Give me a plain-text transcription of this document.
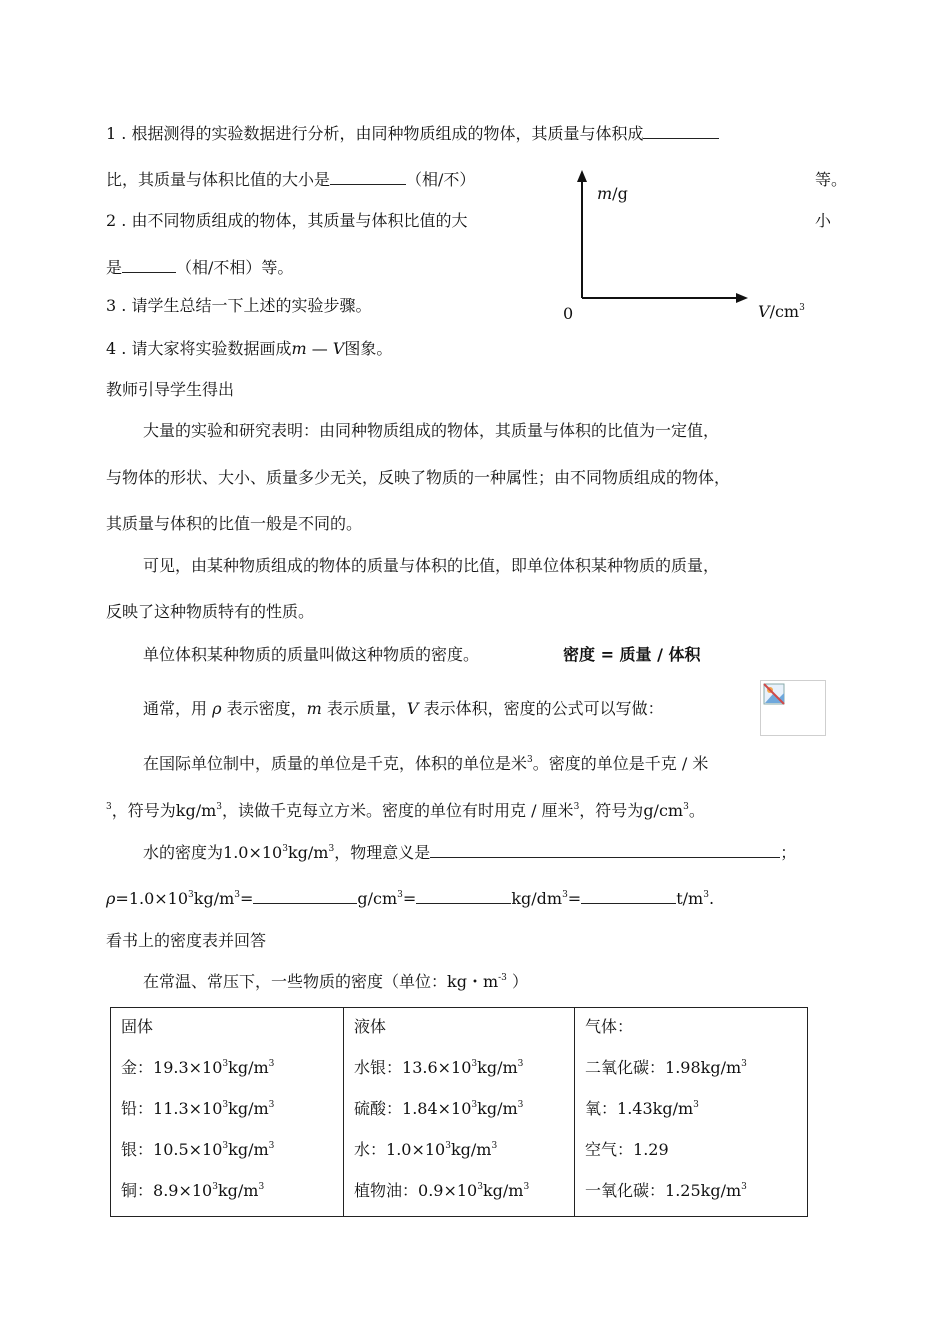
1 . 根据测得的实验数据进行分析，由同种物质组成的物体，其质量与体积成
比，其质量与体积比值的大小是	（相/不）	等。
2 . 由不同物质组成的物体，其质量与体积比值的大	小
是	（相/不相）等。
3 . 请学生总结一下上述的实验步骤。
4 . 请大家将实验数据画成m — V图象。
m/g
$V/cm^3$
0
教师引导学生得出
大量的实验和研究表明：由同种物质组成的物体，其质量与体积的比值为一定值，
与物体的形状、大小、质量多少无关，反映了物质的一种属性；由不同物质组成的物体，
其质量与体积的比值一般是不同的。
可见，由某种物质组成的物体的质量与体积的比值，即单位体积某种物质的质量，
反映了这种物质特有的性质。
单位体积某种物质的质量叫做这种物质的密度。	密度 = 质量 / 体积
通常，用 ρ 表示密度，m 表示质量，V 表示体积，密度的公式可以写做：
在国际单位制中，质量的单位是千克，体积的单位是米$^3$。密度的单位是千克 / 米
$^3$，符号为$kg/m^3$，读做千克每立方米。密度的单位有时用克 / 厘米$^3$，符号为$g/cm^3$。
水的密度为$1.0\times 10^3kg/m^3$，物理意义是	；
$\rho=1.0\times 10^3kg/m^3=$	$g/cm^3=$	$kg/dm^3=$	$t/m^3$.
看书上的密度表并回答
在常温、常压下，一些物质的密度（单位：kg・$m^{-3}$ ）
固体
金：$19.3\times 10^3kg/m^3$
铅：$11.3\times 10^3kg/m^3$
银：$10.5\times 10^3kg/m^3$
铜：$8.9\times 10^3kg/m^3$

液体
水银：$13.6\times 10^3kg/m^3$
硫酸：$1.84\times 10^3kg/m^3$
水：$1.0\times 10^3kg/m^3$
植物油：$0.9\times 10^3kg/m^3$

气体：
二氧化碳：$1.98kg/m^3$
氧：$1.43kg/m^3$
空气：1.29
一氧化碳：$1.25kg/m^3$
